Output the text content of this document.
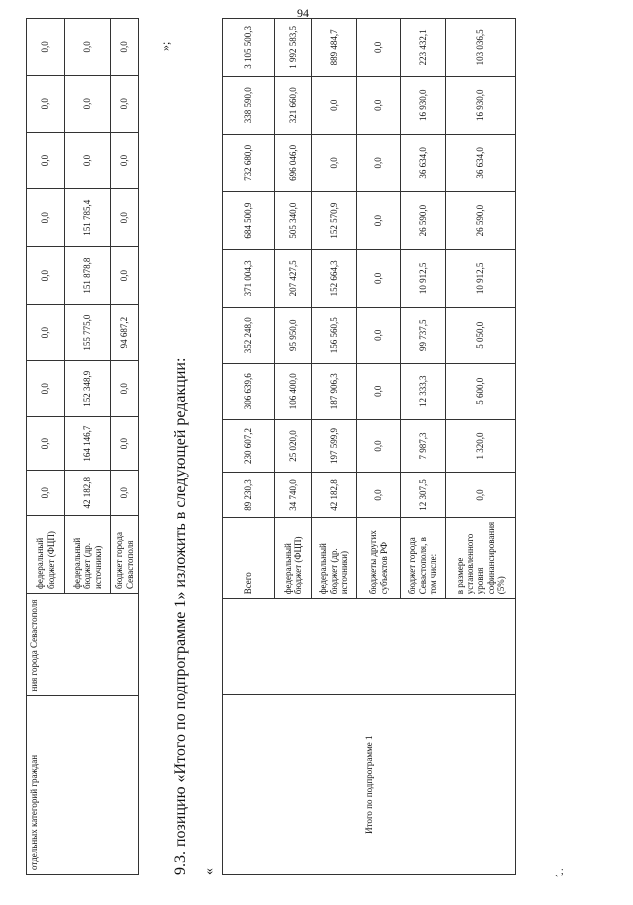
94
отдельных категорий граждан	ния города Севастополя	федеральный бюджет (ФЦП)	0,0	0,0	0,0	0,0	0,0	0,0	0,0	0,0	0,0
		федеральный бюджет (др. источники)	42 182,8	164 146,7	152 348,9	155 775,0	151 878,8	151 785,4	0,0	0,0	0,0
		бюджет города Севастополя	0,0	0,0	0,0	94 687,2	0,0	0,0	0,0	0,0	0,0
9.3. позицию «Итого по подпрограмме 1» изложить в следующей редакции:
»;
«
Итого по подпрограмме 1		Всего	89 230,3	230 607,2	306 639,6	352 248,0	371 004,3	684 500,9	732 680,0	338 590,0	3 105 500,3
		федеральный бюджет (ФЦП)	34 740,0	25 020,0	106 400,0	95 950,0	207 427,5	505 340,0	696 046,0	321 660,0	1 992 583,5
		федеральный бюджет (др. источники)	42 182,8	197 599,9	187 906,3	156 560,5	152 664,3	152 570,9	0,0	0,0	889 484,7
		бюджеты других субъектов РФ	0,0	0,0	0,0	0,0	0,0	0,0	0,0	0,0	0,0
		бюджет города Севастополя, в том числе:	12 307,5	7 987,3	12 333,3	99 737,5	10 912,5	26 590,0	36 634,0	16 930,0	223 432,1
		в размере установленного уровня софинансирования (5%)	0,0	1 320,0	5 600,0	5 050,0	10 912,5	26 590,0	36 634,0	16 930,0	103 036,5
ˎ ;
